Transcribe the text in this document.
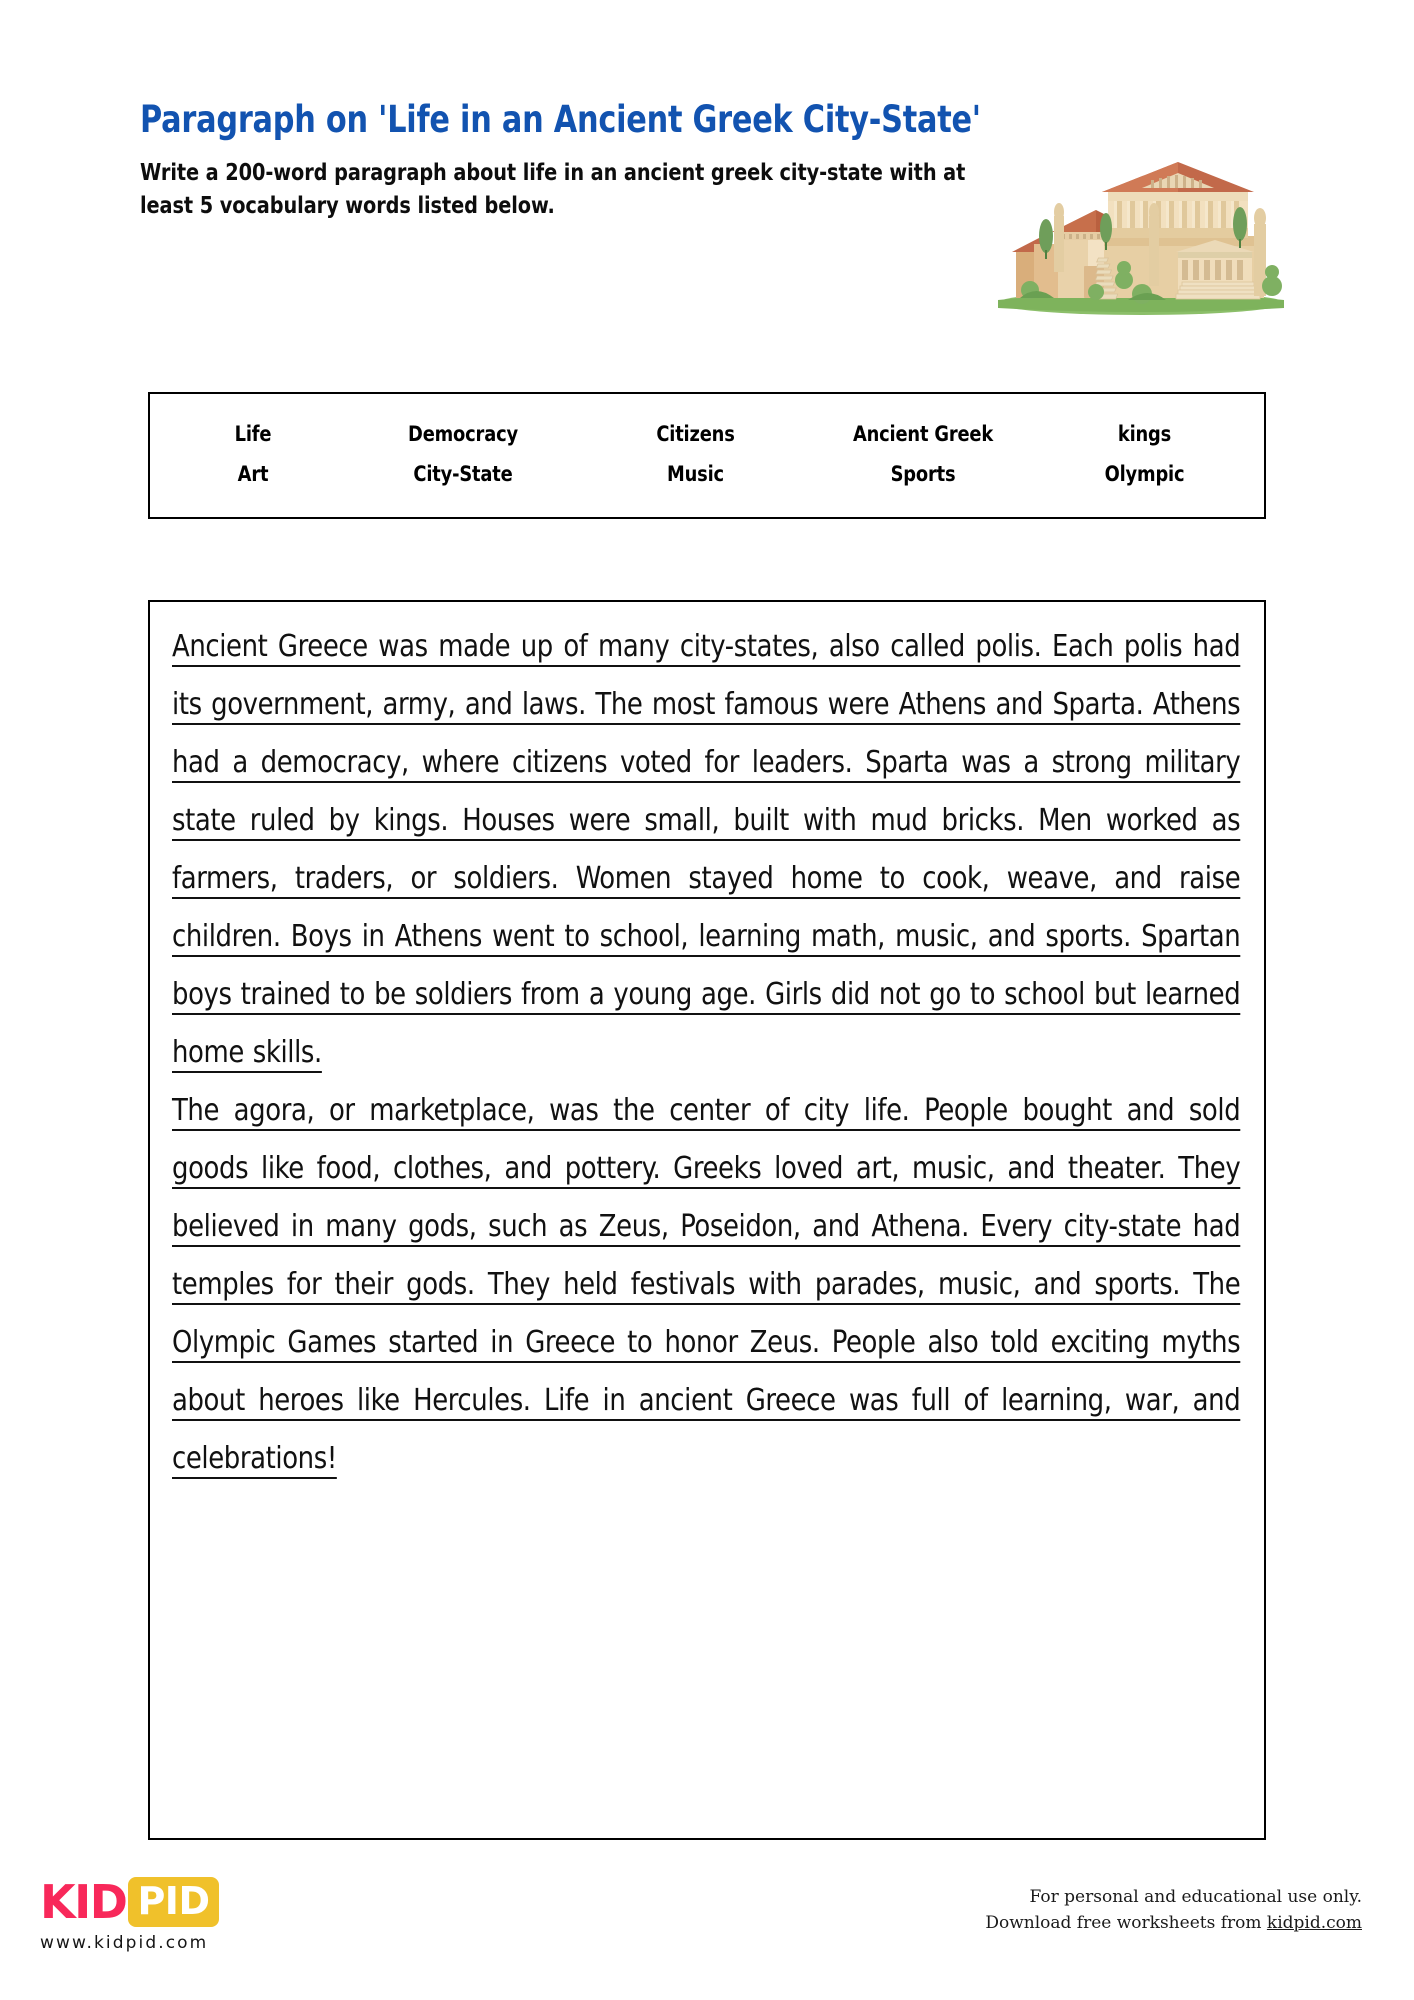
Paragraph on 'Life in an Ancient Greek City-State'
Write a 200-word paragraph about life in an ancient greek city-state with at least 5 vocabulary words listed below.
Life	Democracy	Citizens	Ancient Greek	kings
Art	City-State	Music	Sports	Olympic

Ancient Greece was made up of many city-states, also called polis. Each polis had its government, army, and laws. The most famous were Athens and Sparta. Athens had a democracy, where citizens voted for leaders. Sparta was a strong military state ruled by kings. Houses were small, built with mud bricks. Men worked as farmers, traders, or soldiers. Women stayed home to cook, weave, and raise children. Boys in Athens went to school, learning math, music, and sports. Spartan boys trained to be soldiers from a young age. Girls did not go to school but learned home skills.

The agora, or marketplace, was the center of city life. People bought and sold goods like food, clothes, and pottery. Greeks loved art, music, and theater. They believed in many gods, such as Zeus, Poseidon, and Athena. Every city-state had temples for their gods. They held festivals with parades, music, and sports. The Olympic Games started in Greece to honor Zeus. People also told exciting myths about heroes like Hercules. Life in ancient Greece was full of learning, war, and celebrations!

KID PID
www.kidpid.com
For personal and educational use only.
Download free worksheets from kidpid.com
